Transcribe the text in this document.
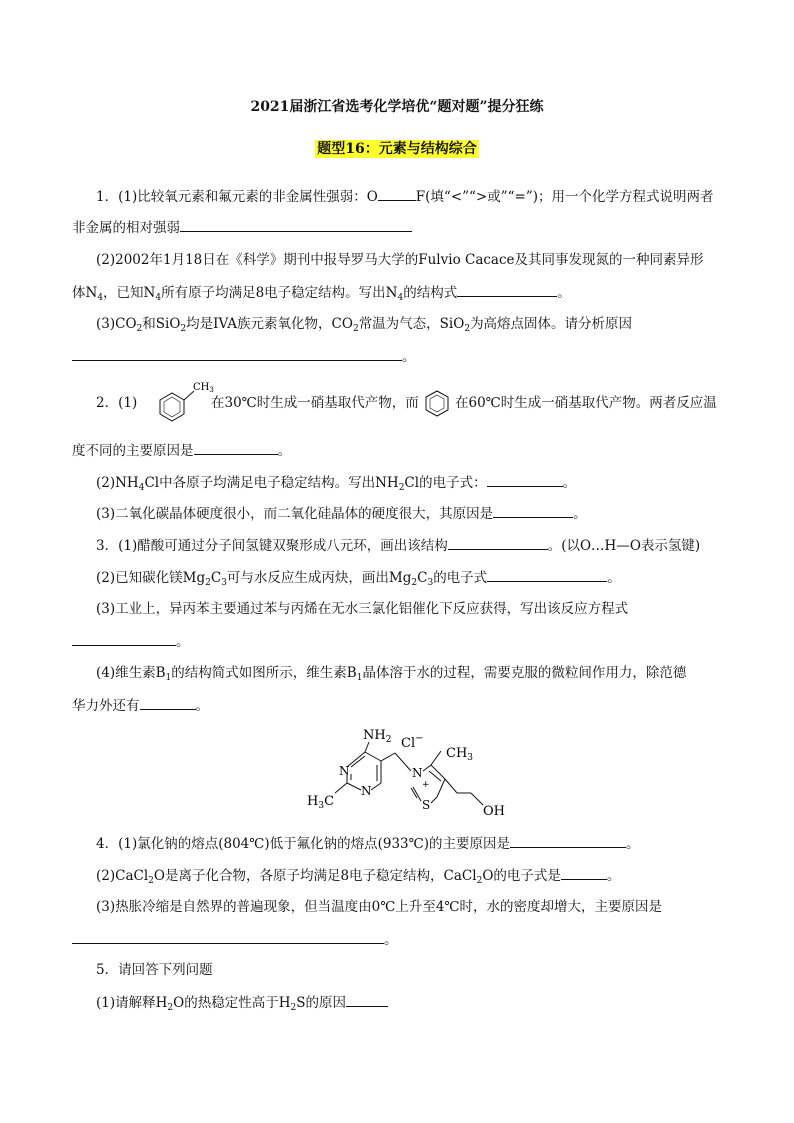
2021届浙江省选考化学培优“题对题”提分狂练
题型16：元素与结构综合
1．(1)比较氧元素和氟元素的非金属性强弱：O	F(填“<”“>或”“=”)；用一个化学方程式说明两者
非金属的相对强弱
(2)2002年1月18日在《科学》期刊中报导罗马大学的Fulvio Cacace及其同事发现氮的一种同素异形
体$N_4$，已知$N_4$所有原子均满足8电子稳定结构。写出$N_4$的结构式	。
$(3)CO_2$和SiO$_2$均是IVA族元素氧化物，$CO_2$常温为气态，SiO$_2$为高熔点固体。请分析原因
。
2．(1)
$CH_3$
在30℃时生成一硝基取代产物，而	在60℃时生成一硝基取代产物。两者反应温
度不同的主要原因是	。
$(2)NH_4Cl$中各原子均满足电子稳定结构。写出$NH_2Cl$的电子式：	。
(3)二氧化碳晶体硬度很小，而二氧化硅晶体的硬度很大，其原因是	。
3．(1)醋酸可通过分子间氢键双聚形成八元环，画出该结构	。(以O…H—O表示氢键)
(2)已知碳化镁$Mg_2C_3$可与水反应生成丙炔，画出$Mg_2C_3$的电子式	。
(3)工业上，异丙苯主要通过苯与丙烯在无水三氯化铝催化下反应获得，写出该反应方程式
。
(4)维生素$B_1$的结构简式如图所示，维生素$B_1$晶体溶于水的过程，需要克服的微粒间作用力，除范德
华力外还有	。
$NH_2$ Cl−
$CH_3$
N
N
N
+
S	OH
$H_3C$
4．(1)氯化钠的熔点(804℃)低于氟化钠的熔点(933℃)的主要原因是	。
(2)CaCl$_2$O是离子化合物，各原子均满足8电子稳定结构，CaCl$_2$O的电子式是	。
(3)热胀冷缩是自然界的普遍现象，但当温度由0℃上升至4℃时，水的密度却增大，主要原因是
。
5．请回答下列问题
(1)请解释$H_2O$的热稳定性高于$H_2S$的原因
